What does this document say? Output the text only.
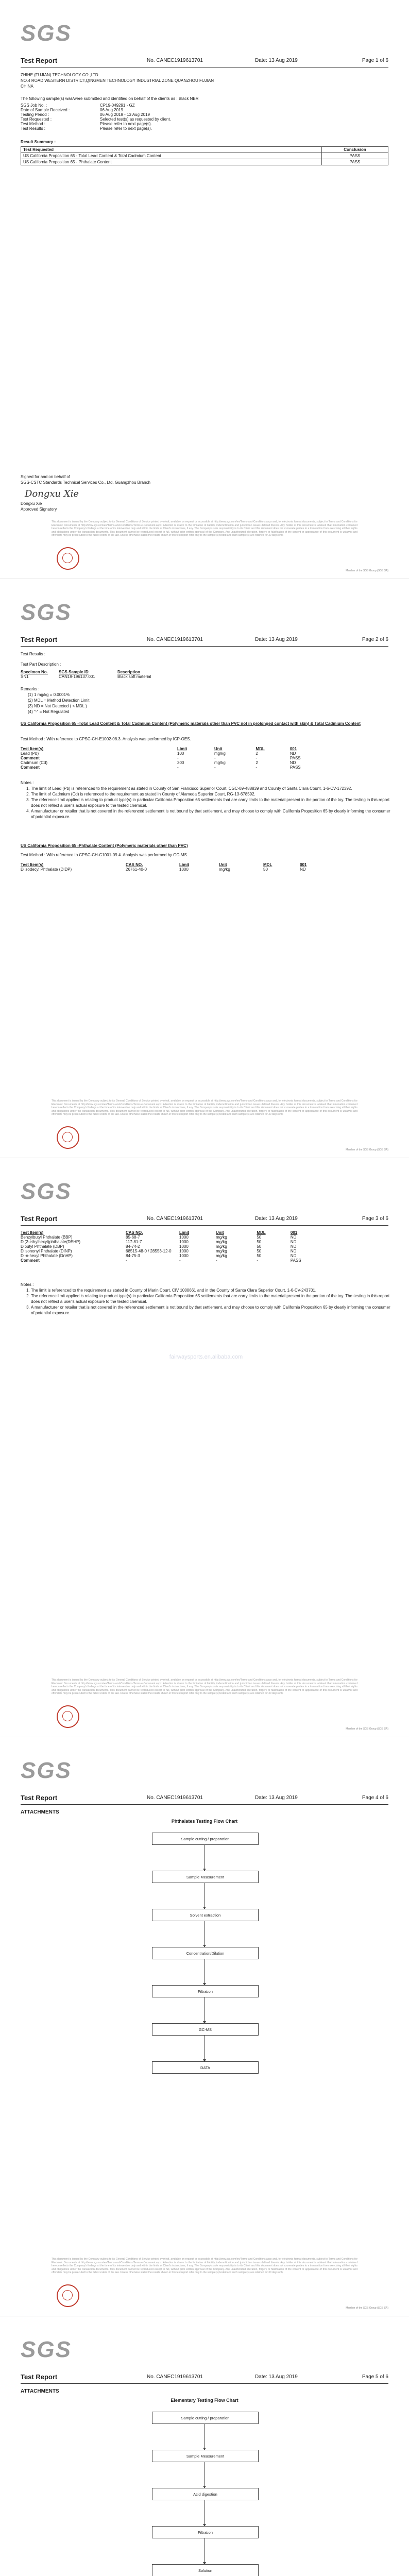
SGS
Test Report	No. CANEC1919613701	Date: 13 Aug 2019	Page 1 of 6
ZHIHE (FUJIAN) TECHNOLOGY CO.,LTD.
NO.4 ROAD WESTERN DISTRICT,QINGMEN TECHNOLOGY INDUSTRIAL ZONE QUANZHOU FUJIAN
CHINA
The following sample(s) was/were submitted and identified on behalf of the clients as : Black NBR
SGS Job No. :	CP19-049291 - GZ
Date of Sample Received :	06 Aug 2019
Testing Period :	06 Aug 2019 - 13 Aug 2019
Test Requested :	Selected test(s) as requested by client.
Test Method :	Please refer to next page(s).
Test Results :	Please refer to next page(s).
Result Summary :
Test Requested	Conclusion
US California Proposition 65 - Total Lead Content & Total Cadmium Content	PASS
US California Proposition 65 - Phthalate Content	PASS
Signed for and on behalf of
SGS-CSTC Standards Technical Services Co., Ltd. Guangzhou Branch
Dongxu Xie
Dongxu Xie
Approved Signatory
This document is issued by the Company subject to its General Conditions of Service printed overleaf, available on request or accessible at http://www.sgs.com/en/Terms-and-Conditions.aspx and, for electronic format documents, subject to Terms and Conditions for Electronic Documents at http://www.sgs.com/en/Terms-and-Conditions/Terms-e-Document.aspx. Attention is drawn to the limitation of liability, indemnification and jurisdiction issues defined therein. Any holder of this document is advised that information contained hereon reflects the Company's findings at the time of its intervention only and within the limits of Client's instructions, if any. The Company's sole responsibility is to its Client and this document does not exonerate parties to a transaction from exercising all their rights and obligations under the transaction documents. This document cannot be reproduced except in full, without prior written approval of the Company. Any unauthorized alteration, forgery or falsification of the content or appearance of this document is unlawful and offenders may be prosecuted to the fullest extent of the law. Unless otherwise stated the results shown in this test report refer only to the sample(s) tested and such sample(s) are retained for 30 days only.
Member of the SGS Group (SGS SA)
SGS
Test Report	No. CANEC1919613701	Date: 13 Aug 2019	Page 2 of 6
Test Results :
Test Part Description :
Specimen No.	SGS Sample ID	Description
SN1	CAN19-196137.001	Black soft material
Remarks :
(1) 1 mg/kg = 0.0001%
(2) MDL = Method Detection Limit
(3) ND = Not Detected ( < MDL )
(4) "-" = Not Regulated
US California Proposition 65 -Total Lead Content & Total Cadmium Content (Polymeric materials other than PVC not in prolonged contact with skin) & Total Cadmium Content
Test Method : With reference to CPSC-CH-E1002-08.3. Analysis was performed by ICP-OES.
Test Item(s)	Limit	Unit	MDL	001
Lead (Pb)	100	mg/kg	2	ND
Comment	-	-	-	PASS
Cadmium (Cd)	300	mg/kg	2	ND
Comment	-	-	-	PASS
Notes :
1. The limit of Lead (Pb) is referenced to the requirement as stated in County of San Francisco Superior Court, CGC-09-488839 and County of Santa Clara Count, 1-6-CV-172392.
2. The limit of Cadmium (Cd) is referenced to the requirement as stated in County of Alameda Superior Court, RG-13-678592.
3. The reference limit applied is relating to product type(s) in particular California Proposition 65 settlements that are carry limits to the material present in the portion of the toy. The testing in this report does not reflect a user's actual exposure to the tested chemical.
4. A manufacturer or retailer that is not covered in the referenced settlement is not bound by that settlement, and may choose to comply with California Proposition 65 by clearly informing the consumer of potential exposure.
US California Proposition 65 -Phthalate Content (Polymeric materials other than PVC)
Test Method : With reference to CPSC-CH-C1001-09.4. Analysis was performed by GC-MS.
Test Item(s)	CAS NO.	Limit	Unit	MDL	001
Diisodecyl Phthalate (DIDP)	26761-40-0	1000	mg/kg	50	ND
This document is issued by the Company subject to its General Conditions of Service printed overleaf, available on request or accessible at http://www.sgs.com/en/Terms-and-Conditions.aspx and, for electronic format documents, subject to Terms and Conditions for Electronic Documents at http://www.sgs.com/en/Terms-and-Conditions/Terms-e-Document.aspx. Attention is drawn to the limitation of liability, indemnification and jurisdiction issues defined therein. Any holder of this document is advised that information contained hereon reflects the Company's findings at the time of its intervention only and within the limits of Client's instructions, if any. The Company's sole responsibility is to its Client and this document does not exonerate parties to a transaction from exercising all their rights and obligations under the transaction documents. This document cannot be reproduced except in full, without prior written approval of the Company. Any unauthorized alteration, forgery or falsification of the content or appearance of this document is unlawful and offenders may be prosecuted to the fullest extent of the law. Unless otherwise stated the results shown in this test report refer only to the sample(s) tested and such sample(s) are retained for 30 days only.
Member of the SGS Group (SGS SA)
SGS
Test Report	No. CANEC1919613701	Date: 13 Aug 2019	Page 3 of 6
Test Item(s)	CAS NO.	Limit	Unit	MDL	001
Benzylbutyl Phthalate (BBP)	85-68-7	1000	mg/kg	50	ND
Di(2-ethylhexyl)phthalate(DEHP)	117-81-7	1000	mg/kg	50	ND
Dibutyl Phthalate (DBP)	84-74-2	1000	mg/kg	50	ND
Diisononyl Phthalate (DINP)	68515-48-0 / 28553-12-0	1000	mg/kg	50	ND
Di-n-hexyl Phthalate (DnHP)	84-75-3	1000	mg/kg	50	ND
Comment	-	-	-	-	PASS
Notes :
1. The limit is referenced to the requirement as stated in County of Marin Court, CIV 1000661 and in the County of Santa Clara Superior Court, 1-6-CV-243701.
2. The reference limit applied is relating to product type(s) in particular California Proposition 65 settlements that are carry limits to the material present in the portion of the toy. The testing in this report does not reflect a user's actual exposure to the tested chemical.
3. A manufacturer or retailer that is not covered in the referenced settlement is not bound by that settlement, and may choose to comply with California Proposition 65 by clearly informing the consumer of potential exposure.
fairwaysports.en.alibaba.com
This document is issued by the Company subject to its General Conditions of Service printed overleaf, available on request or accessible at http://www.sgs.com/en/Terms-and-Conditions.aspx and, for electronic format documents, subject to Terms and Conditions for Electronic Documents at http://www.sgs.com/en/Terms-and-Conditions/Terms-e-Document.aspx. Attention is drawn to the limitation of liability, indemnification and jurisdiction issues defined therein. Any holder of this document is advised that information contained hereon reflects the Company's findings at the time of its intervention only and within the limits of Client's instructions, if any. The Company's sole responsibility is to its Client and this document does not exonerate parties to a transaction from exercising all their rights and obligations under the transaction documents. This document cannot be reproduced except in full, without prior written approval of the Company. Any unauthorized alteration, forgery or falsification of the content or appearance of this document is unlawful and offenders may be prosecuted to the fullest extent of the law. Unless otherwise stated the results shown in this test report refer only to the sample(s) tested and such sample(s) are retained for 30 days only.
Member of the SGS Group (SGS SA)
SGS
Test Report	No. CANEC1919613701	Date: 13 Aug 2019	Page 4 of 6
ATTACHMENTS
Phthalates Testing Flow Chart
Sample cutting / preparation
Sample Measurement
Solvent extraction
Concentration/Dilution
Filtration
GC-MS
DATA
This document is issued by the Company subject to its General Conditions of Service printed overleaf, available on request or accessible at http://www.sgs.com/en/Terms-and-Conditions.aspx and, for electronic format documents, subject to Terms and Conditions for Electronic Documents at http://www.sgs.com/en/Terms-and-Conditions/Terms-e-Document.aspx. Attention is drawn to the limitation of liability, indemnification and jurisdiction issues defined therein. Any holder of this document is advised that information contained hereon reflects the Company's findings at the time of its intervention only and within the limits of Client's instructions, if any. The Company's sole responsibility is to its Client and this document does not exonerate parties to a transaction from exercising all their rights and obligations under the transaction documents. This document cannot be reproduced except in full, without prior written approval of the Company. Any unauthorized alteration, forgery or falsification of the content or appearance of this document is unlawful and offenders may be prosecuted to the fullest extent of the law. Unless otherwise stated the results shown in this test report refer only to the sample(s) tested and such sample(s) are retained for 30 days only.
Member of the SGS Group (SGS SA)
SGS
Test Report	No. CANEC1919613701	Date: 13 Aug 2019	Page 5 of 6
ATTACHMENTS
Elementary Testing Flow Chart
Sample cutting / preparation
Sample Measurement
Acid digestion
Filtration
Solution
